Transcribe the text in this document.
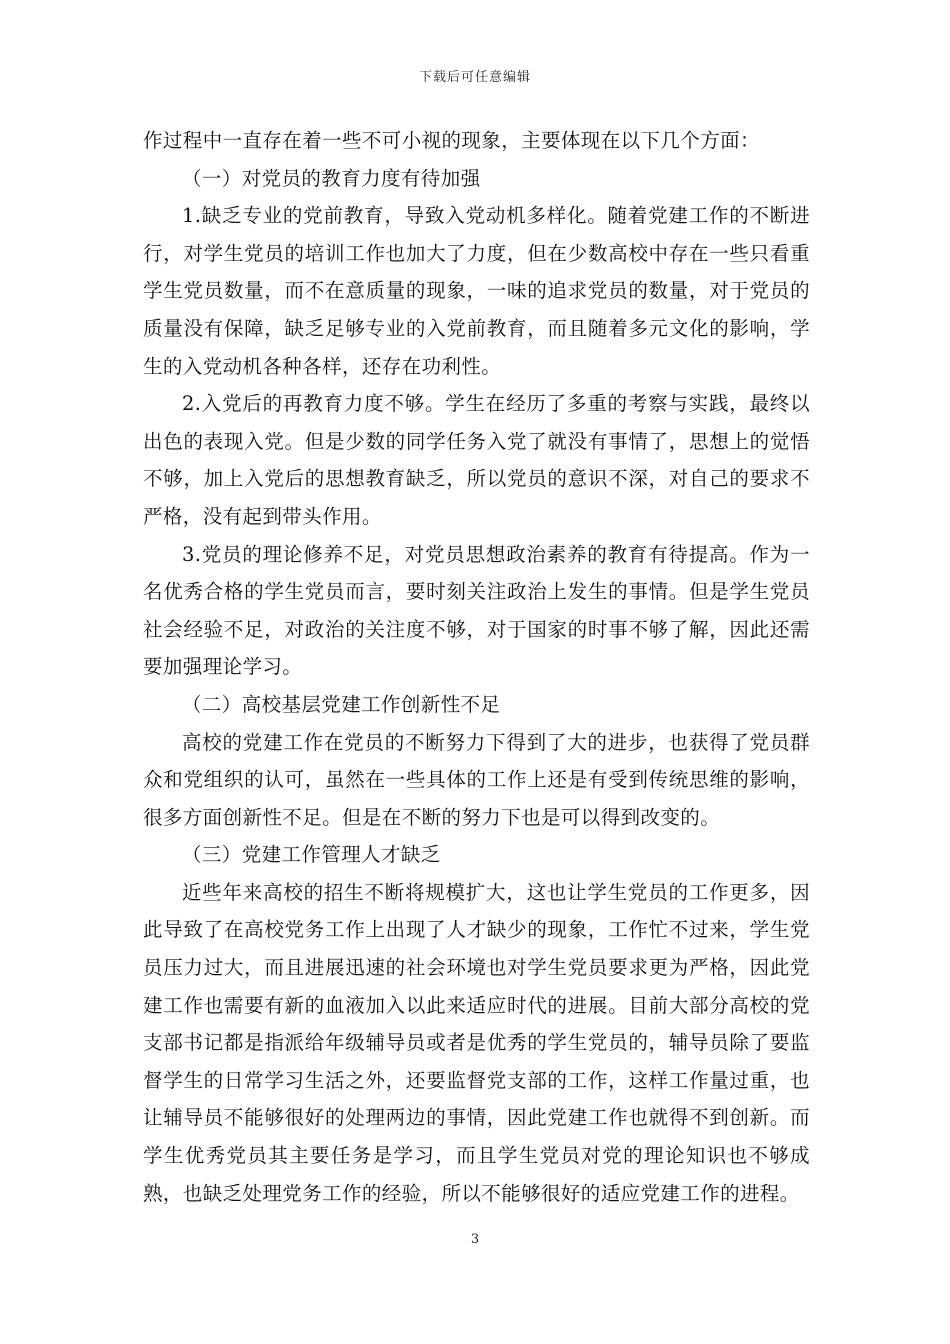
下载后可任意编辑

作过程中一直存在着一些不可小视的现象，主要体现在以下几个方面：

（一）对党员的教育力度有待加强

1.缺乏专业的党前教育，导致入党动机多样化。随着党建工作的不断进行，对学生党员的培训工作也加大了力度，但在少数高校中存在一些只看重学生党员数量，而不在意质量的现象，一味的追求党员的数量，对于党员的质量没有保障，缺乏足够专业的入党前教育，而且随着多元文化的影响，学生的入党动机各种各样，还存在功利性。

2.入党后的再教育力度不够。学生在经历了多重的考察与实践，最终以出色的表现入党。但是少数的同学任务入党了就没有事情了，思想上的觉悟不够，加上入党后的思想教育缺乏，所以党员的意识不深，对自己的要求不严格，没有起到带头作用。

3.党员的理论修养不足，对党员思想政治素养的教育有待提高。作为一名优秀合格的学生党员而言，要时刻关注政治上发生的事情。但是学生党员社会经验不足，对政治的关注度不够，对于国家的时事不够了解，因此还需要加强理论学习。

（二）高校基层党建工作创新性不足

高校的党建工作在党员的不断努力下得到了大的进步，也获得了党员群众和党组织的认可，虽然在一些具体的工作上还是有受到传统思维的影响，很多方面创新性不足。但是在不断的努力下也是可以得到改变的。

（三）党建工作管理人才缺乏

近些年来高校的招生不断将规模扩大，这也让学生党员的工作更多，因此导致了在高校党务工作上出现了人才缺少的现象，工作忙不过来，学生党员压力过大，而且进展迅速的社会环境也对学生党员要求更为严格，因此党建工作也需要有新的血液加入以此来适应时代的进展。目前大部分高校的党支部书记都是指派给年级辅导员或者是优秀的学生党员的，辅导员除了要监督学生的日常学习生活之外，还要监督党支部的工作，这样工作量过重，也让辅导员不能够很好的处理两边的事情，因此党建工作也就得不到创新。而学生优秀党员其主要任务是学习，而且学生党员对党的理论知识也不够成熟，也缺乏处理党务工作的经验，所以不能够很好的适应党建工作的进程。

3
